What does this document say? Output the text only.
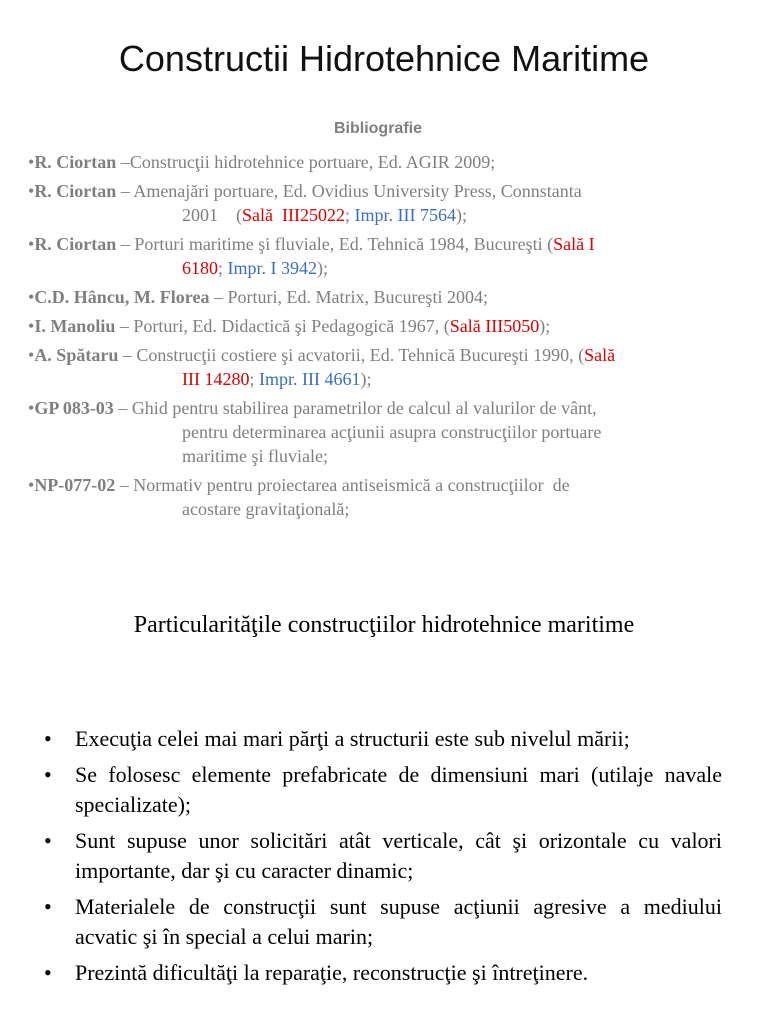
Constructii Hidrotehnice Maritime
Bibliografie
•R. Ciortan –Construcţii hidrotehnice portuare, Ed. AGIR 2009;
•R. Ciortan – Amenajări portuare, Ed. Ovidius University Press, Connstanta
2001    (Sală  III25022; Impr. III 7564);
•R. Ciortan – Porturi maritime şi fluviale, Ed. Tehnică 1984, Bucureşti (Sală I
6180; Impr. I 3942);
•C.D. Hâncu, M. Florea – Porturi, Ed. Matrix, Bucureşti 2004;
•I. Manoliu – Porturi, Ed. Didactică şi Pedagogică 1967, (Sală III5050);
•A. Spătaru – Construcţii costiere şi acvatorii, Ed. Tehnică Bucureşti 1990, (Sală
III 14280; Impr. III 4661);
•GP 083-03 – Ghid pentru stabilirea parametrilor de calcul al valurilor de vânt,
pentru determinarea acţiunii asupra construcţiilor portuare
maritime şi fluviale;
•NP-077-02 – Normativ pentru proiectarea antiseismică a construcţiilor  de
acostare gravitaţională;
Particularităţile construcţiilor hidrotehnice maritime
• Execuţia celei mai mari părţi a structurii este sub nivelul mării;
• Se folosesc elemente prefabricate de dimensiuni mari (utilaje navale specializate);
• Sunt supuse unor solicitări atât verticale, cât şi orizontale cu valori importante, dar şi cu caracter dinamic;
• Materialele de construcţii sunt supuse acţiunii agresive a mediului acvatic şi în special a celui marin;
• Prezintă dificultăţi la reparaţie, reconstrucţie şi întreţinere.
